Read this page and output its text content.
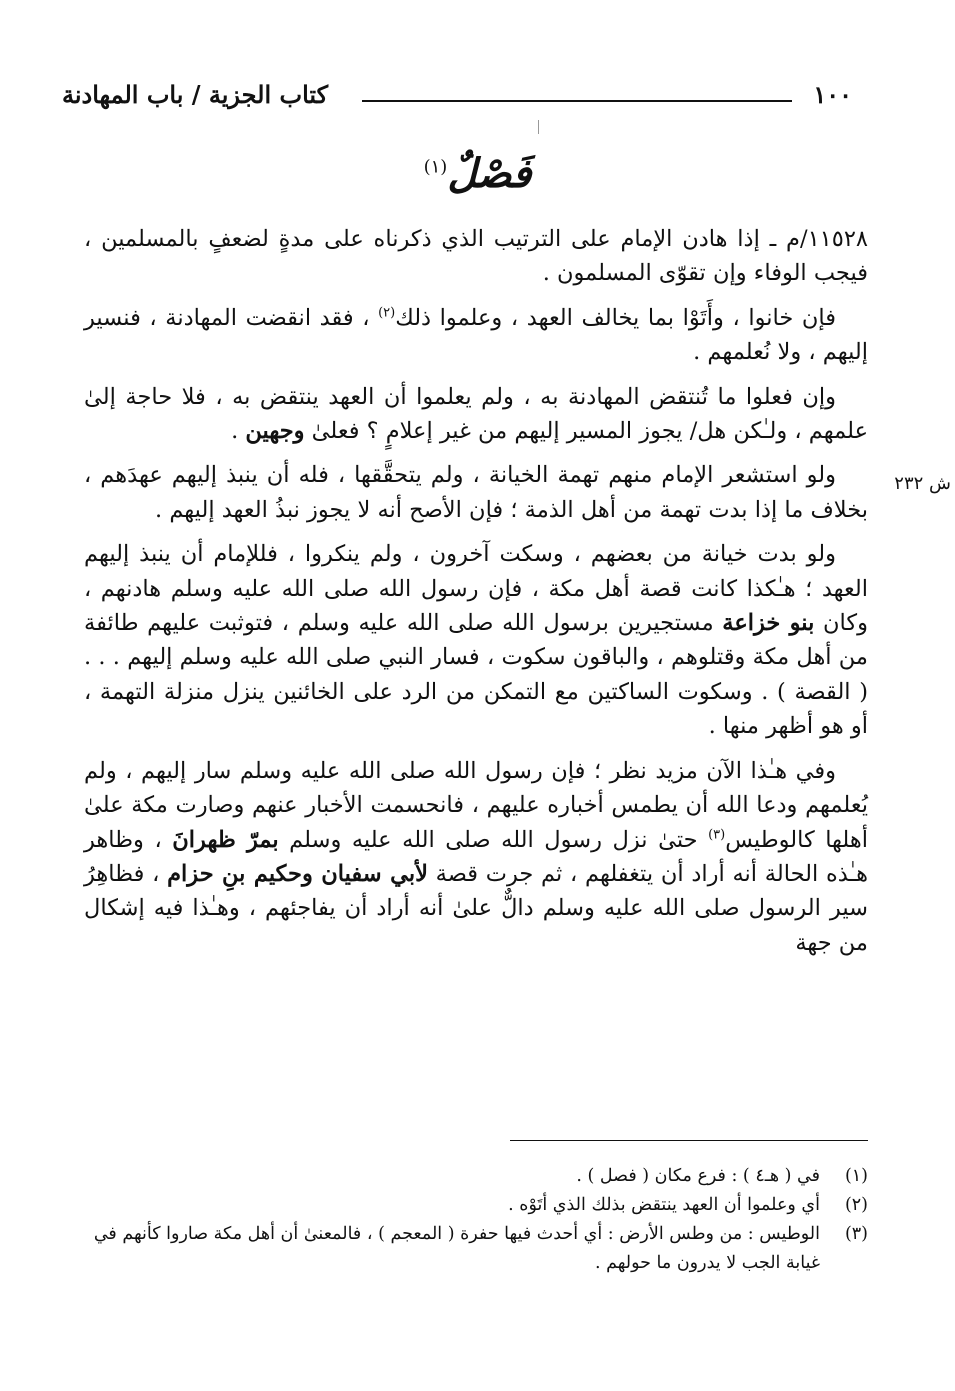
١٠٠
كتاب الجزية / باب المهادنة
فَصْلٌ$^{(١)}$
ش ٢٣٢

١١٥٢٨/م ـ إذا هادن الإمام على الترتيب الذي ذكرناه على مدةٍ لضعفٍ بالمسلمين ، فيجب الوفاء وإن تقوّى المسلمون .

فإن خانوا ، وأَتَوْا بما يخالف العهد ، وعلموا ذلك$^{(٢)}$ ، فقد انقضت المهادنة ، فنسير إليهم ، ولا نُعلمهم .

وإن فعلوا ما تُنتقض المهادنة به ، ولم يعلموا أن العهد ينتقض به ، فلا حاجة إلىٰ علمهم ، ولـٰكن هل/ يجوز المسير إليهم من غير إعلامٍ ؟ فعلىٰ وجهين .

ولو استشعر الإمام منهم تهمة الخيانة ، ولم يتحقَّقها ، فله أن ينبذ إليهم عهدَهم ، بخلاف ما إذا بدت تهمة من أهل الذمة ؛ فإن الأصح أنه لا يجوز نبذُ العهد إليهم .

ولو بدت خيانة من بعضهم ، وسكت آخرون ، ولم ينكروا ، فللإمام أن ينبذ إليهم العهد ؛ هـٰكذا كانت قصة أهل مكة ، فإن رسول الله صلى الله عليه وسلم هادنهم ، وكان بنو خزاعة مستجيرين برسول الله صلى الله عليه وسلم ، فتوثبت عليهم طائفة من أهل مكة وقتلوهم ، والباقون سكوت ، فسار النبي صلى الله عليه وسلم إليهم . . . ( القصة ) . وسكوت الساكتين مع التمكن من الرد على الخائنين ينزل منزلة التهمة ، أو هو أظهر منها .

وفي هـٰذا الآن مزيد نظر ؛ فإن رسول الله صلى الله عليه وسلم سار إليهم ، ولم يُعلمهم ودعا الله أن يطمس أخباره عليهم ، فانحسمت الأخبار عنهم وصارت مكة علىٰ أهلها كالوطيس$^{(٣)}$ حتىٰ نزل رسول الله صلى الله عليه وسلم بمرّ ظهرانَ ، وظاهر هـٰذه الحالة أنه أراد أن يتغفلهم ، ثم جرت قصة لأبي سفيان وحكيم بنِ حزام ، فظاهِرُ سير الرسول صلى الله عليه وسلم دالٌّ علىٰ أنه أراد أن يفاجئهم ، وهـٰذا فيه إشكال من جهة

(١)
في ( هـ٤ ) : فرع مكان ( فصل ) .
(٢)
أي وعلموا أن العهد ينتقض بذلك الذي أتَوْه .
(٣)
الوطيس : من وطس الأرض : أي أحدث فيها حفرة ( المعجم ) ، فالمعنىٰ أن أهل مكة صاروا كأنهم في غيابة الجب لا يدرون ما حولهم .
